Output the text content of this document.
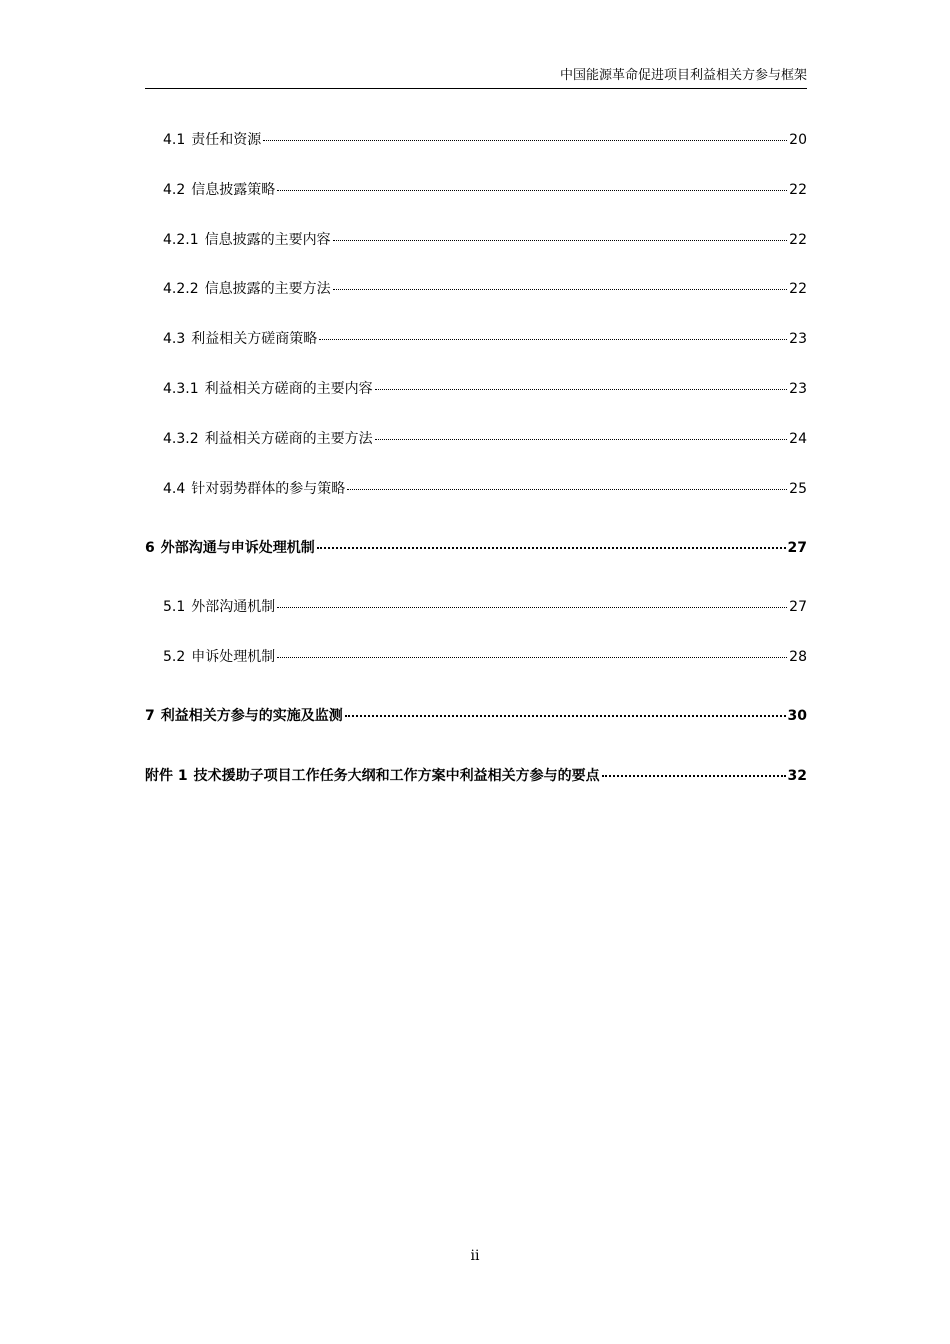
中国能源革命促进项目利益相关方参与框架
4.1 责任和资源	20
4.2 信息披露策略	22
4.2.1 信息披露的主要内容	22
4.2.2 信息披露的主要方法	22
4.3 利益相关方磋商策略	23
4.3.1 利益相关方磋商的主要内容	23
4.3.2 利益相关方磋商的主要方法	24
4.4 针对弱势群体的参与策略	25
6 外部沟通与申诉处理机制	27
5.1 外部沟通机制	27
5.2 申诉处理机制	28
7 利益相关方参与的实施及监测	30
附件 1 技术援助子项目工作任务大纲和工作方案中利益相关方参与的要点	32
ii
